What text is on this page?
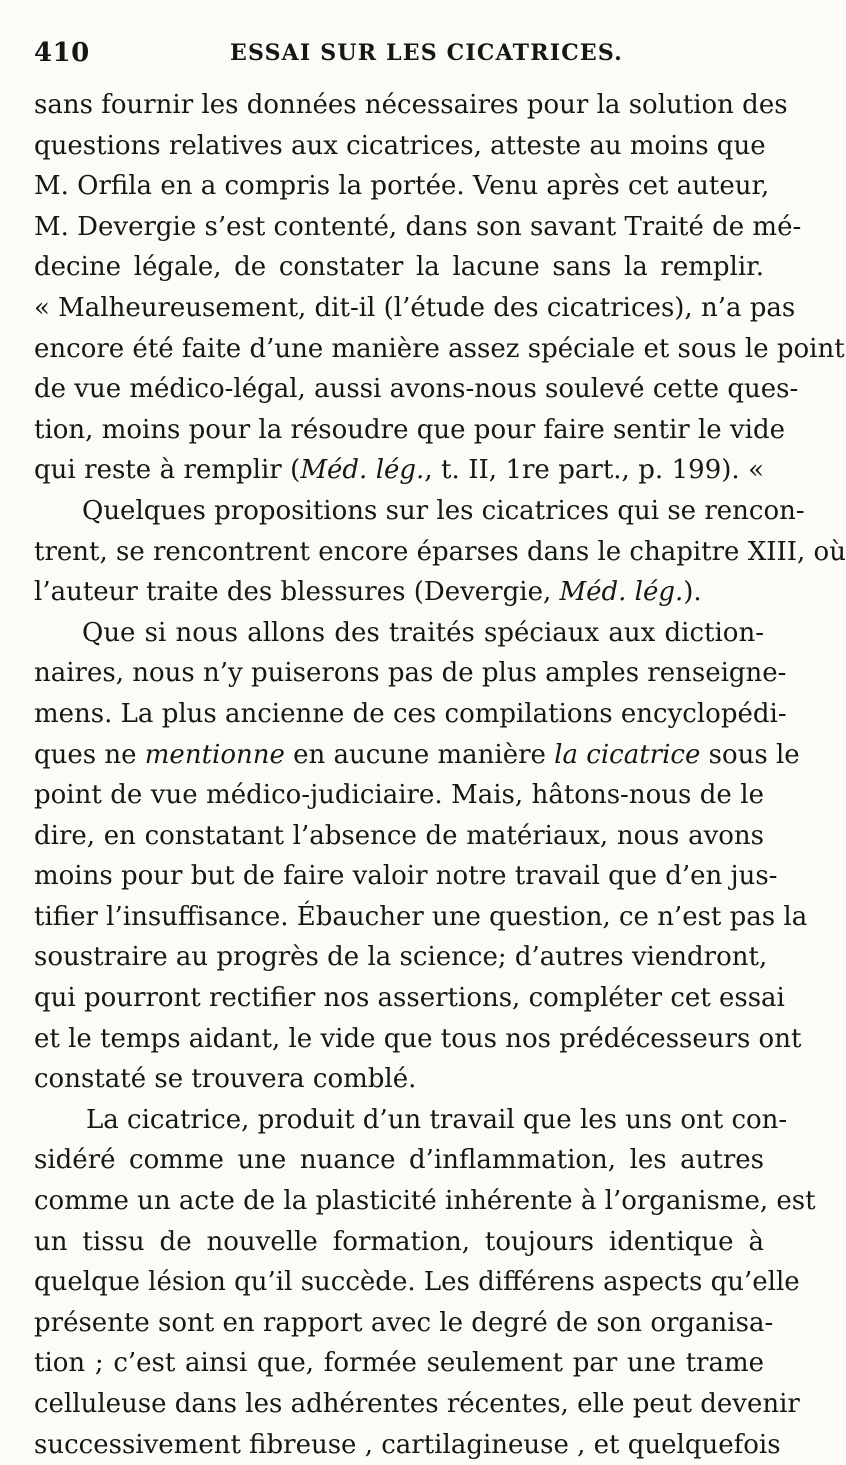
410	ESSAI SUR LES CICATRICES.
sans fournir les données nécessaires pour la solution des
questions relatives aux cicatrices, atteste au moins que
M. Orfila en a compris la portée. Venu après cet auteur,
M. Devergie s’est contenté, dans son savant Traité de mé-
decine légale, de constater la lacune sans la remplir.
« Malheureusement, dit-il (l’étude des cicatrices), n’a pas
encore été faite d’une manière assez spéciale et sous le point
de vue médico-légal, aussi avons-nous soulevé cette ques-
tion, moins pour la résoudre que pour faire sentir le vide
qui reste à remplir (Méd. lég., t. II, 1re part., p. 199). «
Quelques propositions sur les cicatrices qui se rencon-
trent, se rencontrent encore éparses dans le chapitre XIII, où
l’auteur traite des blessures (Devergie, Méd. lég.).
Que si nous allons des traités spéciaux aux diction-
naires, nous n’y puiserons pas de plus amples renseigne-
mens. La plus ancienne de ces compilations encyclopédi-
ques ne mentionne en aucune manière la cicatrice sous le
point de vue médico-judiciaire. Mais, hâtons-nous de le
dire, en constatant l’absence de matériaux, nous avons
moins pour but de faire valoir notre travail que d’en jus-
tifier l’insuffisance. Ébaucher une question, ce n’est pas la
soustraire au progrès de la science; d’autres viendront,
qui pourront rectifier nos assertions, compléter cet essai
et le temps aidant, le vide que tous nos prédécesseurs ont
constaté se trouvera comblé.
La cicatrice, produit d’un travail que les uns ont con-
sidéré comme une nuance d’inflammation, les autres
comme un acte de la plasticité inhérente à l’organisme, est
un tissu de nouvelle formation, toujours identique à
quelque lésion qu’il succède. Les différens aspects qu’elle
présente sont en rapport avec le degré de son organisa-
tion ; c’est ainsi que, formée seulement par une trame
celluleuse dans les adhérentes récentes, elle peut devenir
successivement fibreuse , cartilagineuse , et quelquefois
